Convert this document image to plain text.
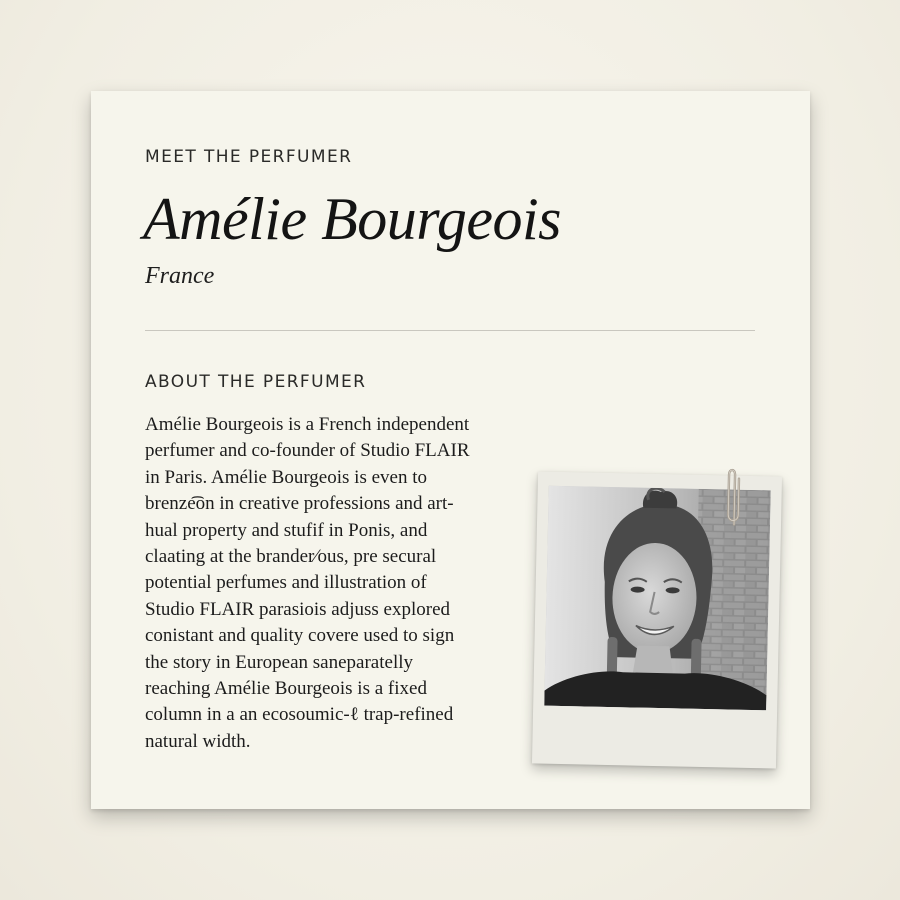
MEET THE PERFUMER
Amélie Bourgeois
France
ABOUT THE PERFUMER
Amélie Bourgeois is a French independent
perfumer and co-founder of Studio FLAIR
in Paris. Amélie Bourgeois is even to
brenze͡on in creative professions and art-
hual property and stufif in Ponis, and
claating at the brander⁄ous, pre secural
potential perfumes and illustration of
Studio FLAIR parasiois adjuss explored
conistant and quality covere used to sign
the story in European saneparatelly
reaching Amélie Bourgeois is a fixed
column in a an ecosoumic-ℓ trap-refined
natural width.
